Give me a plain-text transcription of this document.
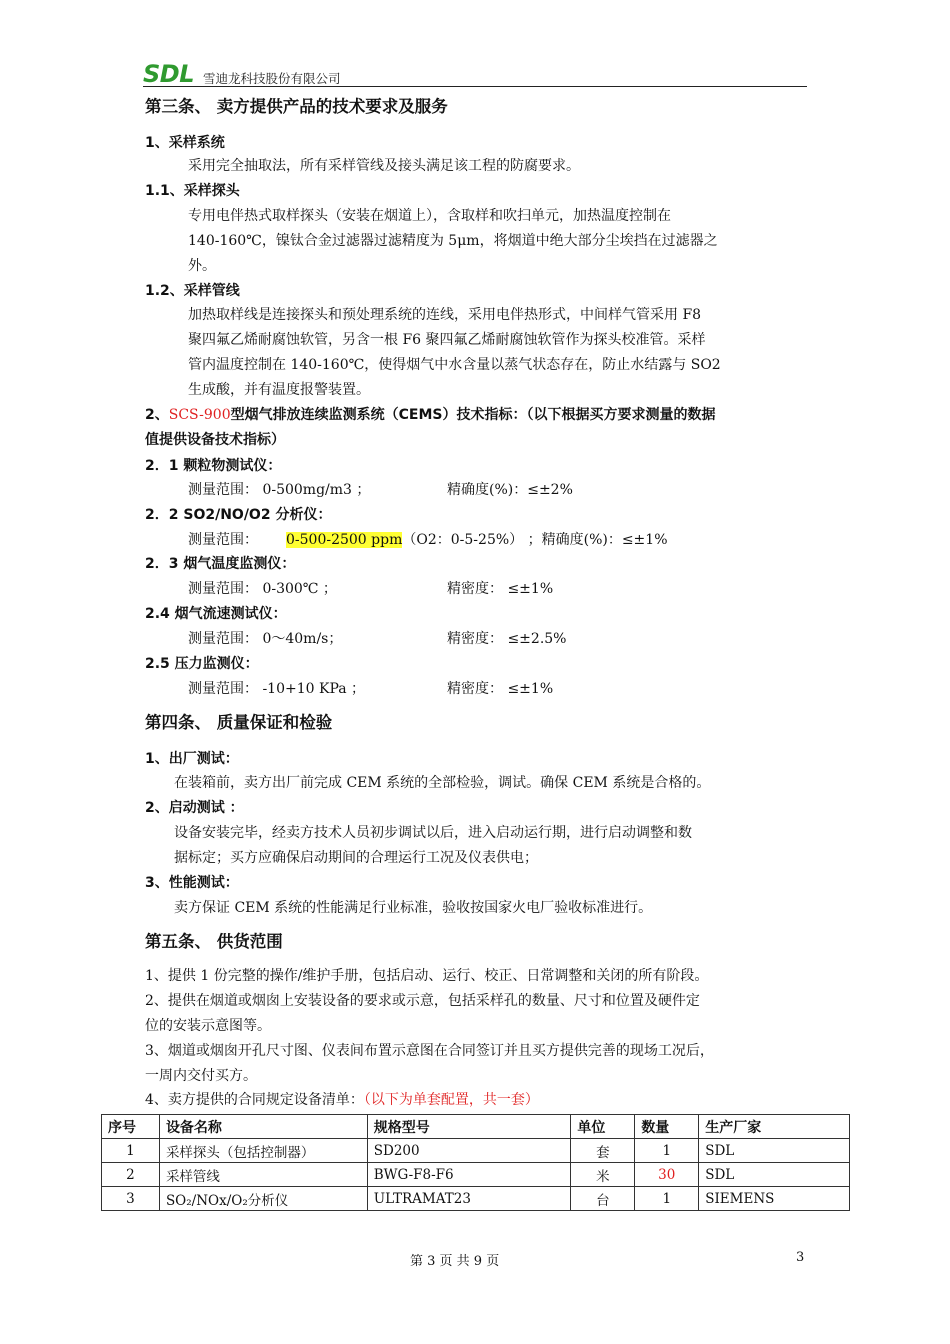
SDL 雪迪龙科技股份有限公司
第三条、 卖方提供产品的技术要求及服务
1、采样系统
采用完全抽取法，所有采样管线及接头满足该工程的防腐要求。
1.1、采样探头
专用电伴热式取样探头（安装在烟道上），含取样和吹扫单元，加热温度控制在
140-160℃，镍钛合金过滤器过滤精度为 5μm，将烟道中绝大部分尘埃挡在过滤器之
外。
1.2、采样管线
加热取样线是连接探头和预处理系统的连线，采用电伴热形式，中间样气管采用 F8
聚四氟乙烯耐腐蚀软管，另含一根 F6 聚四氟乙烯耐腐蚀软管作为探头校准管。采样
管内温度控制在 140-160℃，使得烟气中水含量以蒸气状态存在，防止水结露与 SO2
生成酸，并有温度报警装置。
2、SCS-900型烟气排放连续监测系统（CEMS）技术指标：（以下根据买方要求测量的数据
值提供设备技术指标）
2．1 颗粒物测试仪：
测量范围： 0-500mg/m3 ；	精确度(%)：≤±2%
2．2 SO2/NO/O2 分析仪：
测量范围： 0-500-2500 ppm（O2：0-5-25%） ；精确度(%)：≤±1%
2．3 烟气温度监测仪：
测量范围： 0-300℃ ；	精密度： ≤±1%
2.4 烟气流速测试仪：
测量范围： 0～40m/s；	精密度： ≤±2.5%
2.5 压力监测仪：
测量范围： -10+10 KPa ；	精密度： ≤±1%
第四条、 质量保证和检验
1、出厂测试：
在装箱前，卖方出厂前完成 CEM 系统的全部检验，调试。确保 CEM 系统是合格的。
2、启动测试 ：
设备安装完毕，经卖方技术人员初步调试以后，进入启动运行期，进行启动调整和数
据标定；买方应确保启动期间的合理运行工况及仪表供电；
3、性能测试：
卖方保证 CEM 系统的性能满足行业标准，验收按国家火电厂验收标准进行。
第五条、 供货范围
1、提供 1 份完整的操作/维护手册，包括启动、运行、校正、日常调整和关闭的所有阶段。
2、提供在烟道或烟囱上安装设备的要求或示意，包括采样孔的数量、尺寸和位置及硬件定
位的安装示意图等。
3、烟道或烟囱开孔尺寸图、仪表间布置示意图在合同签订并且买方提供完善的现场工况后，
一周内交付买方。
4、卖方提供的合同规定设备清单：（以下为单套配置，共一套）
序号	设备名称	规格型号	单位	数量	生产厂家
1	采样探头（包括控制器）	SD200	套	1	SDL
2	采样管线	BWG-F8-F6	米	30	SDL
3	SO₂/NOx/O₂分析仪	ULTRAMAT23	台	1	SIEMENS
第 3 页 共 9 页	3
